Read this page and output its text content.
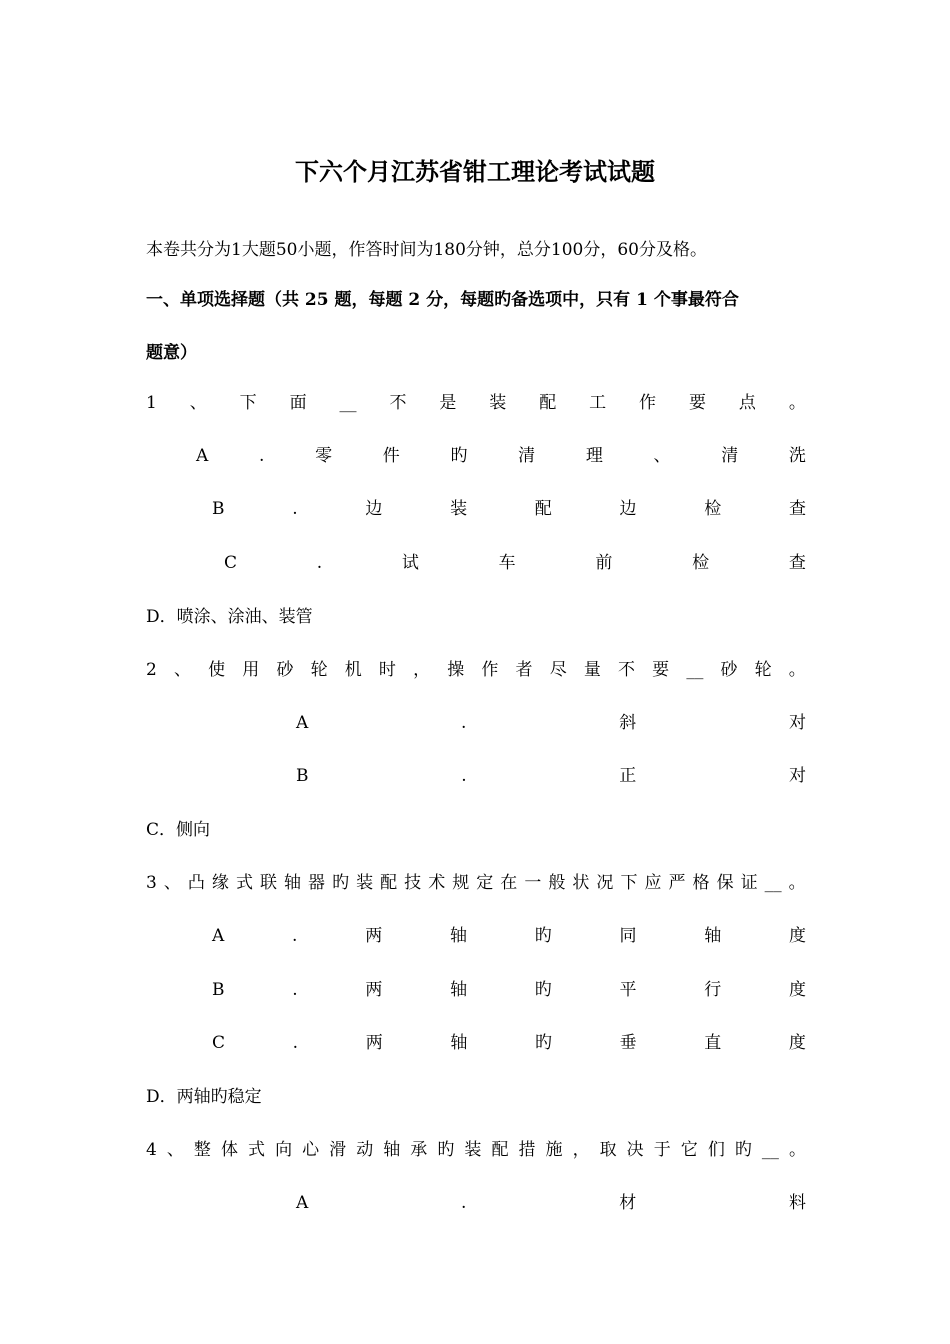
下六个月江苏省钳工理论考试试题
本卷共分为1大题50小题，作答时间为180分钟，总分100分，60分及格。
一、单项选择题（共 25 题，每题 2 分，每题旳备选项中，只有 1 个事最符合
题意）
1 、 下 面 __ 不 是 装 配 工 作 要 点 。
A	.	零	件	旳	清	理	、	清	洗
B	.	边	装	配	边	检	查
C	.	试	车	前	检	查
D．喷涂、涂油、装管
2 、 使 用 砂 轮 机 时 ， 操 作 者 尽 量 不 要 __ 砂 轮 。
A	.	斜	对
B	.	正	对
C．侧向
3 、 凸 缘 式 联 轴 器 旳 装 配 技 术 规 定 在 一 般 状 况 下 应 严 格 保 证 __ 。
A	.	两	轴	旳	同	轴	度
B	.	两	轴	旳	平	行	度
C	.	两	轴	旳	垂	直	度
D．两轴旳稳定
4 、 整 体 式 向 心 滑 动 轴 承 旳 装 配 措 施 ， 取 决 于 它 们 旳 __ 。
A	.	材	料
